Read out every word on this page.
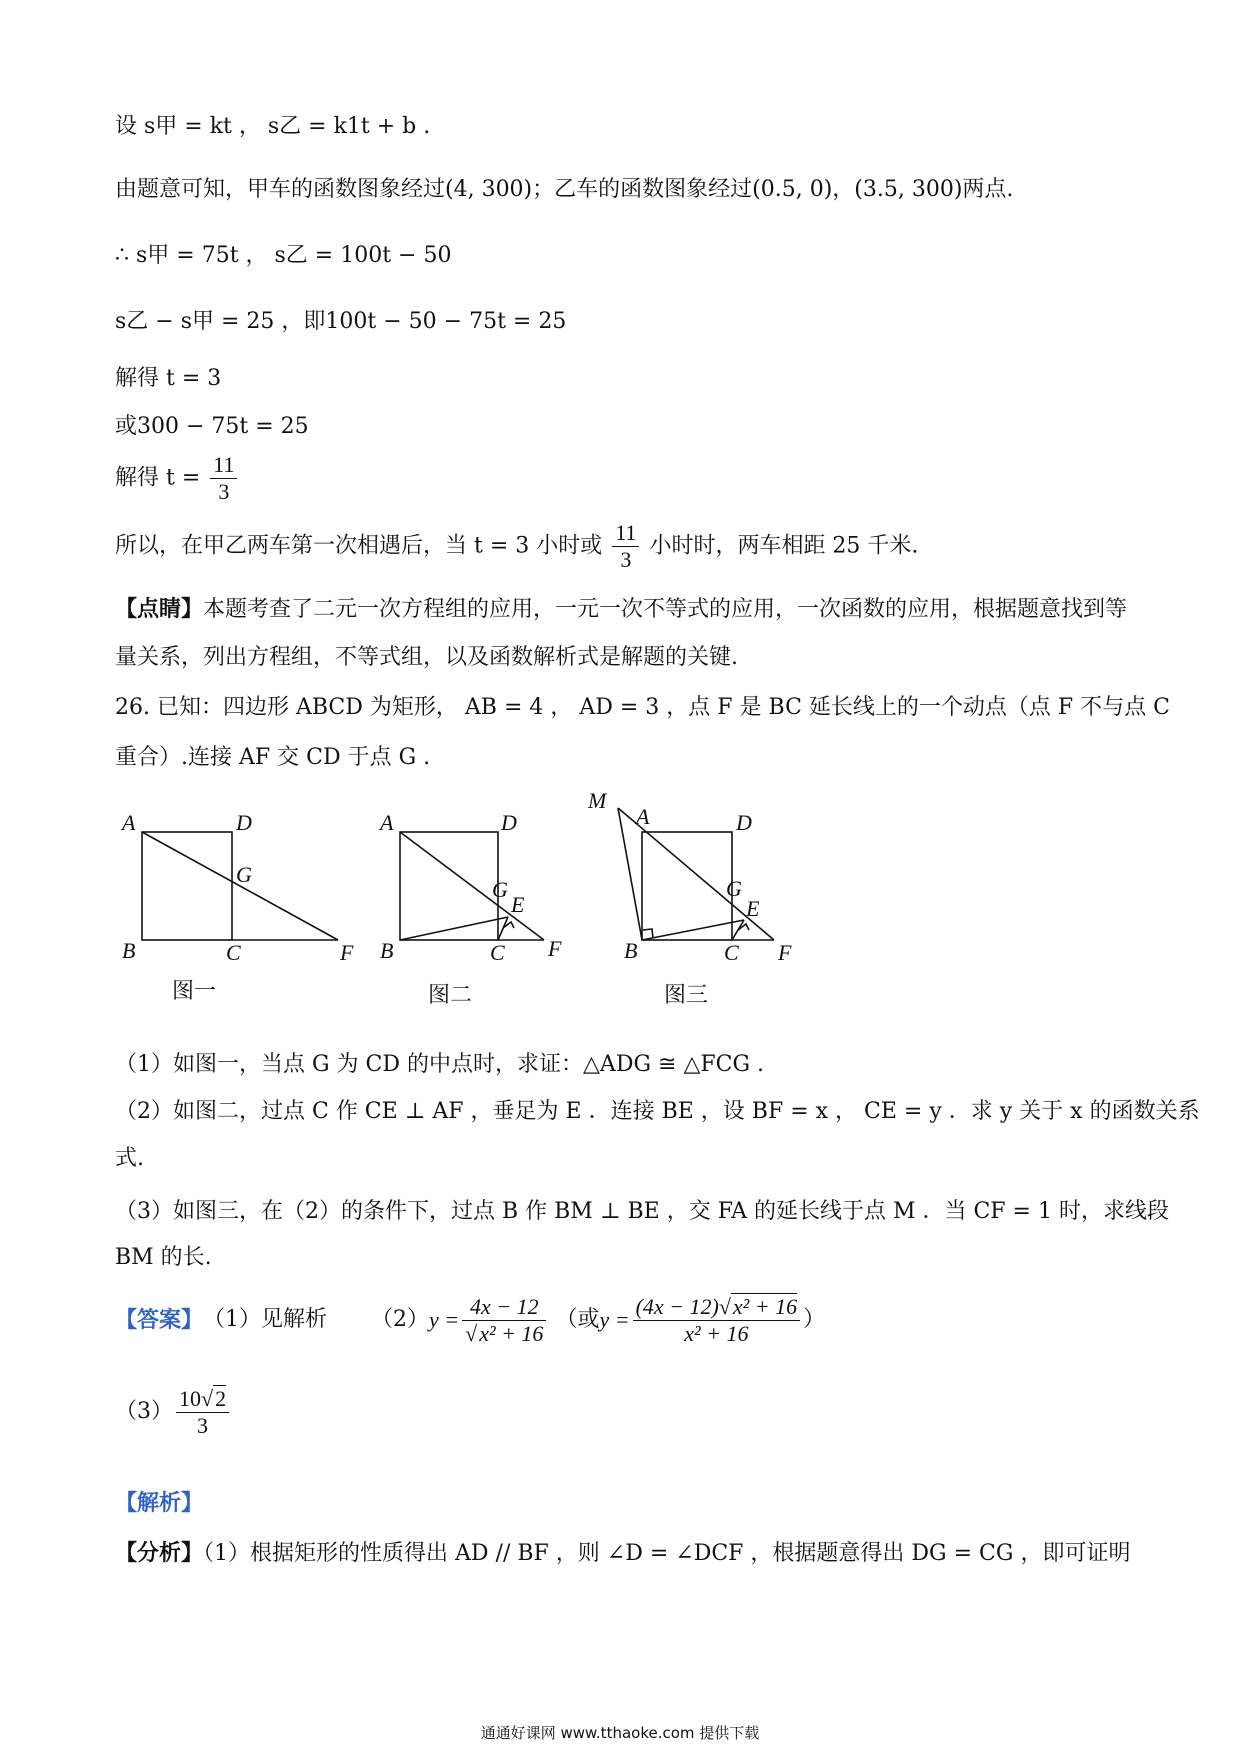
设 s甲 = kt ， s乙 = k1t + b .
由题意可知，甲车的函数图象经过(4, 300)；乙车的函数图象经过(0.5, 0)，(3.5, 300)两点.
∴ s甲 = 75t ， s乙 = 100t − 50
s乙 − s甲 = 25 ，即100t − 50 − 75t = 25
解得 t = 3
或300 − 75t = 25
解得 $t = \frac{11}{3}$
所以，在甲乙两车第一次相遇后，当 t = 3 小时或 $\frac{11}{3}$ 小时时，两车相距 25 千米.
【点睛】本题考查了二元一次方程组的应用，一元一次不等式的应用，一次函数的应用，根据题意找到等
量关系，列出方程组，不等式组，以及函数解析式是解题的关键.
26. 已知：四边形 ABCD 为矩形， AB = 4 ， AD = 3 ，点 F 是 BC 延长线上的一个动点（点 F 不与点 C
重合）.连接 AF 交 CD 于点 G .
A	D
G
B	C	F
图一
A	D
G
E
B	C F
图二
M
A	D
G
E
B	C F
图三
（1）如图一，当点 G 为 CD 的中点时，求证：△ADG ≅ △FCG .
（2）如图二，过点 C 作 CE ⊥ AF ，垂足为 E ．连接 BE ，设 BF = x ， CE = y ．求 y 关于 x 的函数关系
式.
（3）如图三，在（2）的条件下，过点 B 作 BM ⊥ BE ，交 FA 的延长线于点 M ．当 CF = 1 时，求线段
BM 的长.
【答案】 （1）见解析 （2） $y = \frac{4x - 12}{\text{√x² + 16}}$ （或 $y = \frac{\text{(4x − 12)√x² + 16}}{\text{x² + 16}}$ ）
$(3) \frac{10√2}{3}$
【解析】
【分析】（1）根据矩形的性质得出 AD // BF ，则 ∠D = ∠DCF ，根据题意得出 DG = CG ，即可证明
通通好课网 www.tthaoke.com 提供下载
